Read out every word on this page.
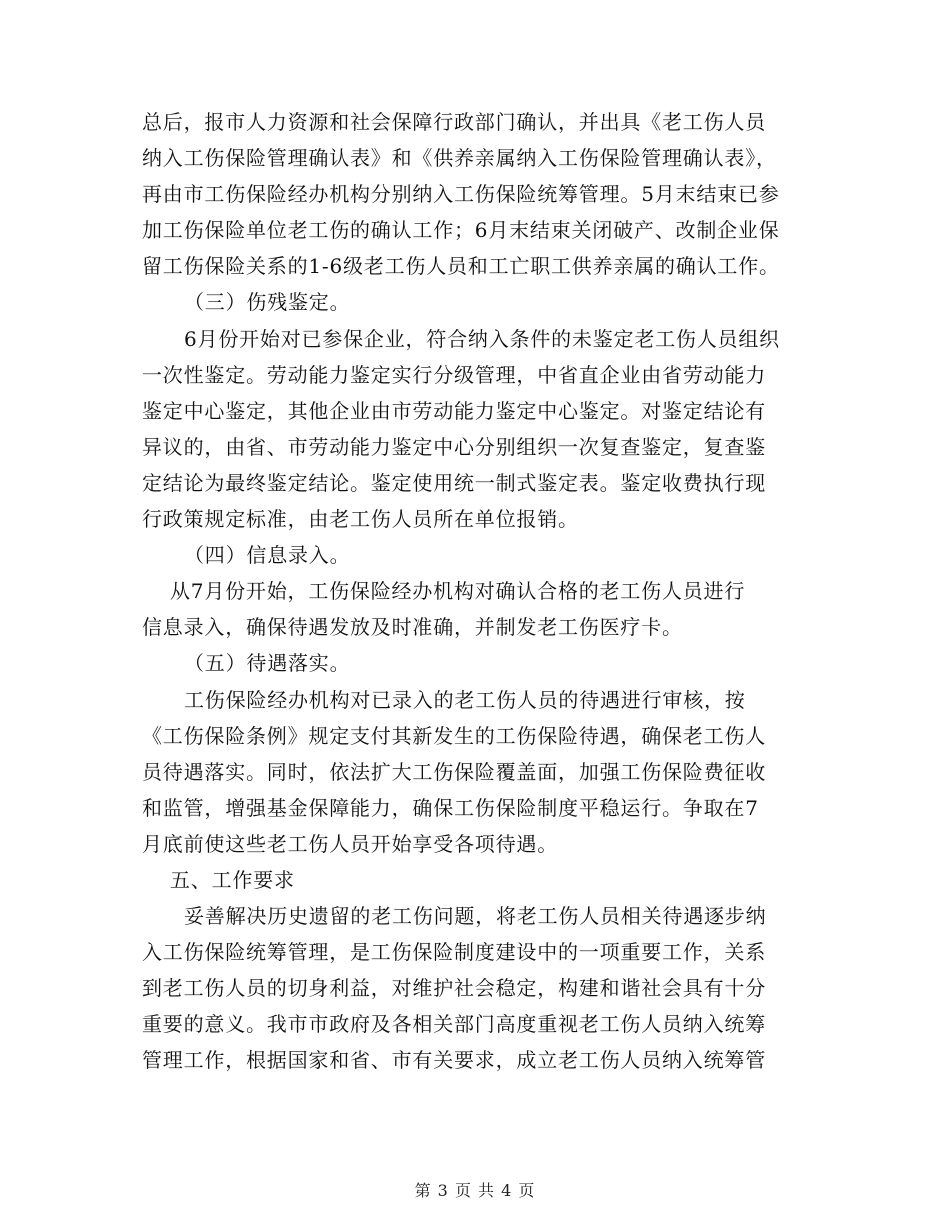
总后，报市人力资源和社会保障行政部门确认，并出具《老工伤人员
纳入工伤保险管理确认表》和《供养亲属纳入工伤保险管理确认表》，
再由市工伤保险经办机构分别纳入工伤保险统筹管理。5月末结束已参
加工伤保险单位老工伤的确认工作；6月末结束关闭破产、改制企业保
留工伤保险关系的1-6级老工伤人员和工亡职工供养亲属的确认工作。
（三）伤残鉴定。
6月份开始对已参保企业，符合纳入条件的未鉴定老工伤人员组织
一次性鉴定。劳动能力鉴定实行分级管理，中省直企业由省劳动能力
鉴定中心鉴定，其他企业由市劳动能力鉴定中心鉴定。对鉴定结论有
异议的，由省、市劳动能力鉴定中心分别组织一次复查鉴定，复查鉴
定结论为最终鉴定结论。鉴定使用统一制式鉴定表。鉴定收费执行现
行政策规定标准，由老工伤人员所在单位报销。
（四）信息录入。
从7月份开始，工伤保险经办机构对确认合格的老工伤人员进行
信息录入，确保待遇发放及时准确，并制发老工伤医疗卡。
（五）待遇落实。
工伤保险经办机构对已录入的老工伤人员的待遇进行审核，按
《工伤保险条例》规定支付其新发生的工伤保险待遇，确保老工伤人
员待遇落实。同时，依法扩大工伤保险覆盖面，加强工伤保险费征收
和监管，增强基金保障能力，确保工伤保险制度平稳运行。争取在7
月底前使这些老工伤人员开始享受各项待遇。
五、工作要求
妥善解决历史遗留的老工伤问题，将老工伤人员相关待遇逐步纳
入工伤保险统筹管理，是工伤保险制度建设中的一项重要工作，关系
到老工伤人员的切身利益，对维护社会稳定，构建和谐社会具有十分
重要的意义。我市市政府及各相关部门高度重视老工伤人员纳入统筹
管理工作，根据国家和省、市有关要求，成立老工伤人员纳入统筹管
第 3 页 共 4 页
